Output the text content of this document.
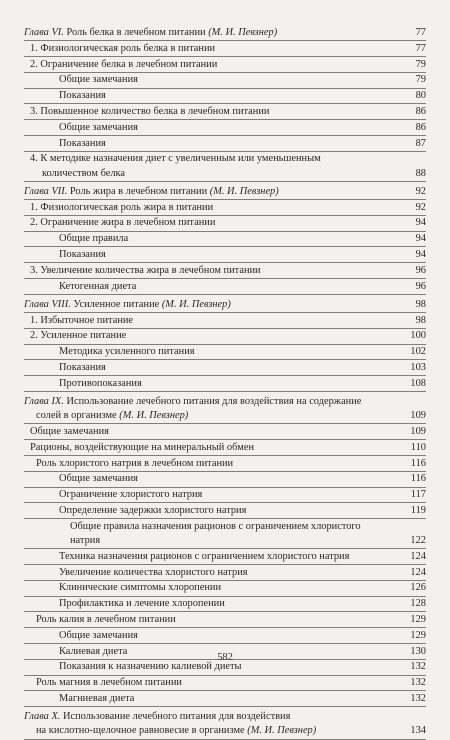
Глава VI. Роль белка в лечебном питании (М. И. Певзнер)	77
1. Физиологическая роль белка в питании	77
2. Ограничение белка в лечебном питании	79
Общие замечания	79
Показания	80
3. Повышенное количество белка в лечебном питании	86
Общие замечания	86
Показания	87
4. К методике назначения диет с увеличенным или уменьшенным
количеством белка	88
Глава VII. Роль жира в лечебном питании (М. И. Певзнер)	92
1. Физиологическая роль жира в питании	92
2. Ограничение жира в лечебном питании	94
Общие правила	94
Показания	94
3. Увеличение количества жира в лечебном питании	96
Кетогенная диета	96
Глава VIII. Усиленное питание (М. И. Певзнер)	98
1. Избыточное питание	98
2. Усиленное питание	100
Методика усиленного питания	102
Показания	103
Противопоказания	108
Глава IX. Использование лечебного питания для воздействия на содержание
солей в организме (М. И. Певзнер)	109
Общие замечания	109
Рационы, воздействующие на минеральный обмен	110
Роль хлористого натрия в лечебном питании	116
Общие замечания	116
Ограничение хлористого натрия	117
Определение задержки хлористого натрия	119
Общие правила назначения рационов с ограничением хлористого
натрия	122
Техника назначения рационов с ограничением хлористого натрия	124
Увеличение количества хлористого натрия	124
Клинические симптомы хлоропении	126
Профилактика и лечение хлоропении	128
Роль калия в лечебном питании	129
Общие замечания	129
Калиевая диета	130
Показания к назначению калиевой диеты	132
Роль магния в лечебном питании	132
Магниевая диета	132
Глава X. Использование лечебного питания для воздействия
на кислотно-щелочное равновесие в организме (М. И. Певзнер)	134
582
